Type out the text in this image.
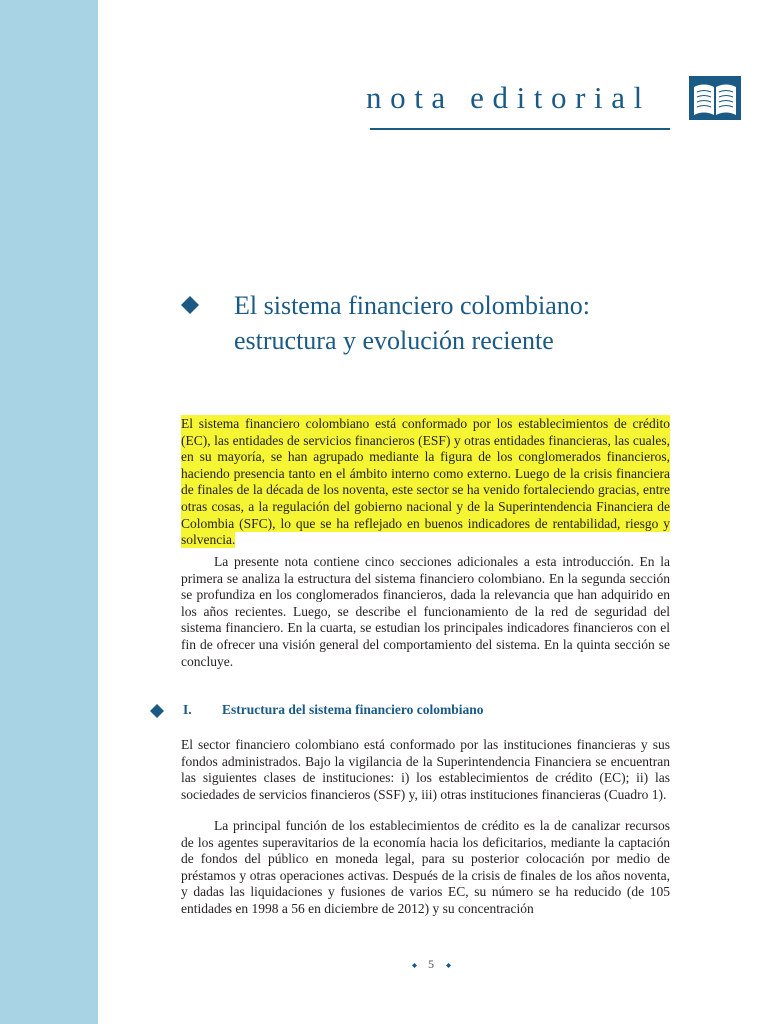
nota editorial
El sistema financiero colombiano:
estructura y evolución reciente

El sistema financiero colombiano está conformado por los establecimientos de crédito (EC), las entidades de servicios financieros (ESF) y otras entidades financieras, las cuales, en su mayoría, se han agrupado mediante la figura de los conglomerados financieros, haciendo presencia tanto en el ámbito interno como externo. Luego de la crisis financiera de finales de la década de los noventa, este sector se ha venido fortaleciendo gracias, entre otras cosas, a la regulación del gobierno nacional y de la Superintendencia Financiera de Colombia (SFC), lo que se ha reflejado en buenos indicadores de rentabilidad, riesgo y solvencia.

La presente nota contiene cinco secciones adicionales a esta introducción. En la primera se analiza la estructura del sistema financiero colombiano. En la segunda sección se profundiza en los conglomerados financieros, dada la relevancia que han adquirido en los años recientes. Luego, se describe el funcionamiento de la red de seguridad del sistema financiero. En la cuarta, se estudian los principales indicadores financieros con el fin de ofrecer una visión general del comportamiento del sistema. En la quinta sección se concluye.

I. Estructura del sistema financiero colombiano

El sector financiero colombiano está conformado por las instituciones financieras y sus fondos administrados. Bajo la vigilancia de la Superintendencia Financiera se encuentran las siguientes clases de instituciones: i) los establecimientos de crédito (EC); ii) las sociedades de servicios financieros (SSF) y, iii) otras instituciones financieras (Cuadro 1).

La principal función de los establecimientos de crédito es la de canalizar recursos de los agentes superavitarios de la economía hacia los deficitarios, mediante la captación de fondos del público en moneda legal, para su posterior colocación por medio de préstamos y otras operaciones activas. Después de la crisis de finales de los años noventa, y dadas las liquidaciones y fusiones de varios EC, su número se ha reducido (de 105 entidades en 1998 a 56 en diciembre de 2012) y su concentración

5
